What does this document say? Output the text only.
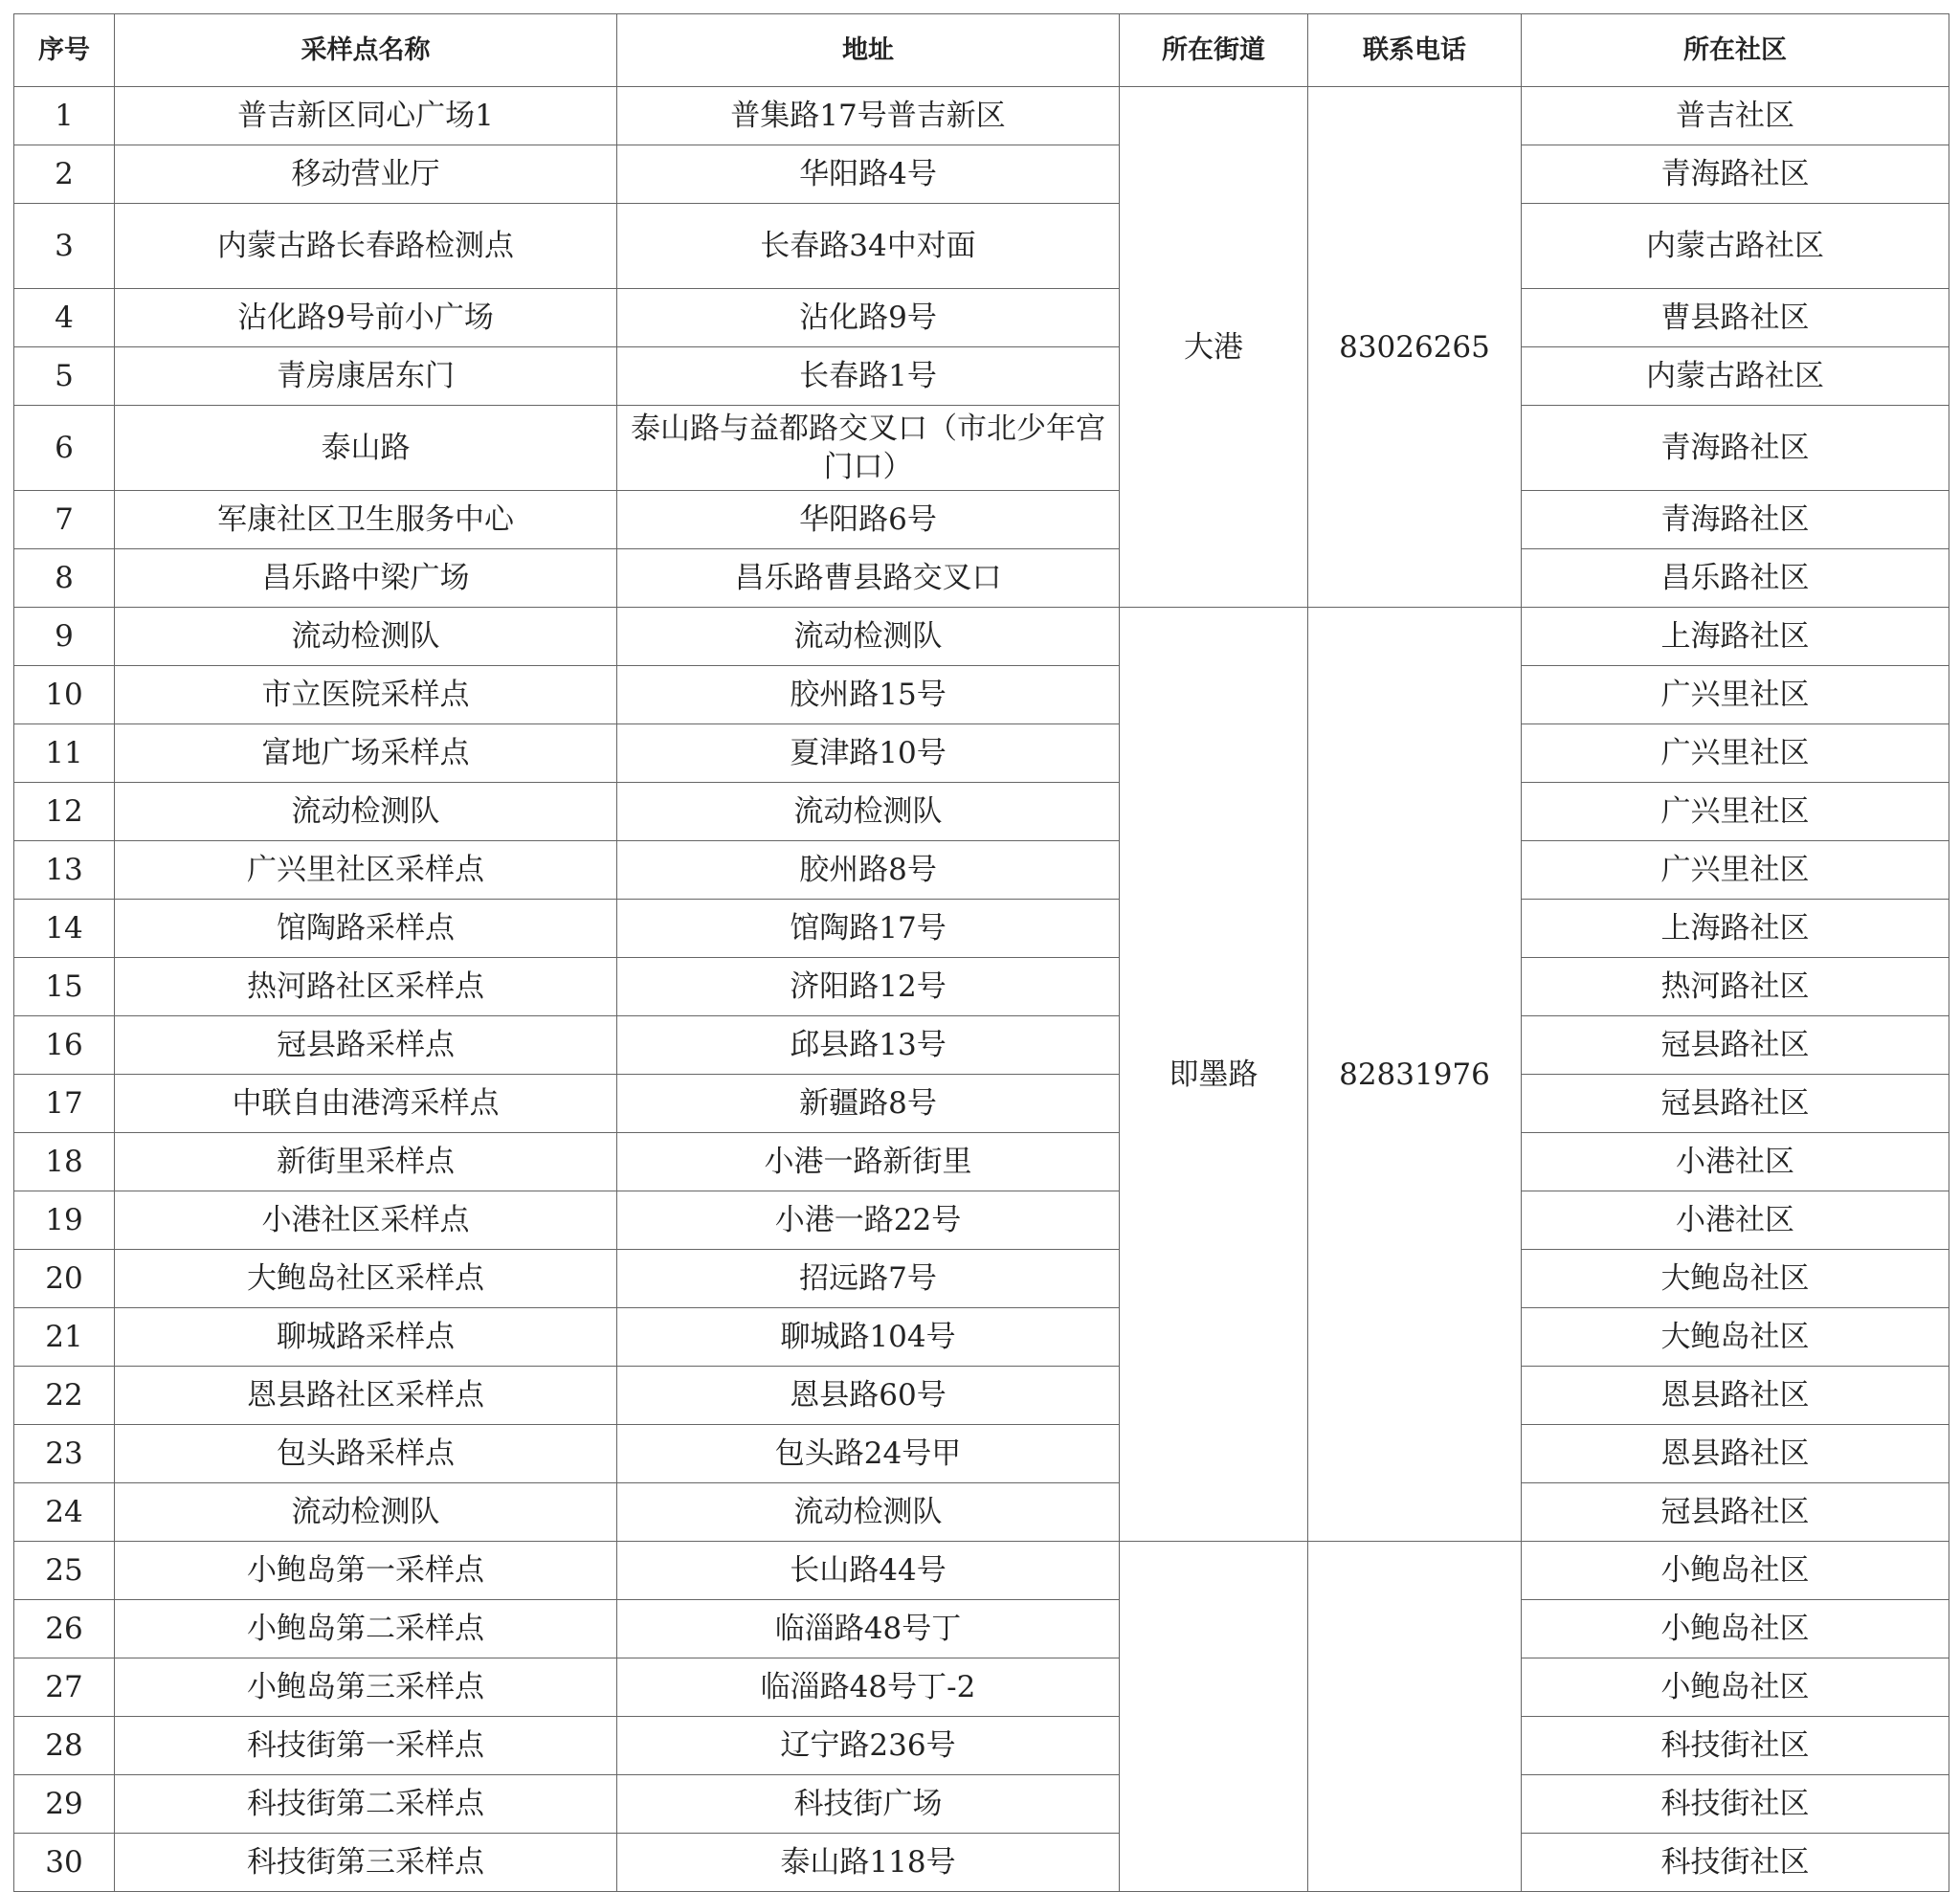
序号	采样点名称	地址	所在街道	联系电话	所在社区
1	普吉新区同心广场1	普集路17号普吉新区	大港	83026265	普吉社区
2	移动营业厅	华阳路4号			青海路社区
3	内蒙古路长春路检测点	长春路34中对面			内蒙古路社区
4	沾化路9号前小广场	沾化路9号			曹县路社区
5	青房康居东门	长春路1号			内蒙古路社区
6	泰山路	泰山路与益都路交叉口（市北少年宫门口）			青海路社区
7	军康社区卫生服务中心	华阳路6号			青海路社区
8	昌乐路中梁广场	昌乐路曹县路交叉口			昌乐路社区
9	流动检测队	流动检测队	即墨路	82831976	上海路社区
10	市立医院采样点	胶州路15号			广兴里社区
11	富地广场采样点	夏津路10号			广兴里社区
12	流动检测队	流动检测队			广兴里社区
13	广兴里社区采样点	胶州路8号			广兴里社区
14	馆陶路采样点	馆陶路17号			上海路社区
15	热河路社区采样点	济阳路12号			热河路社区
16	冠县路采样点	邱县路13号			冠县路社区
17	中联自由港湾采样点	新疆路8号			冠县路社区
18	新街里采样点	小港一路新街里			小港社区
19	小港社区采样点	小港一路22号			小港社区
20	大鲍岛社区采样点	招远路7号			大鲍岛社区
21	聊城路采样点	聊城路104号			大鲍岛社区
22	恩县路社区采样点	恩县路60号			恩县路社区
23	包头路采样点	包头路24号甲			恩县路社区
24	流动检测队	流动检测队			冠县路社区
25	小鲍岛第一采样点	长山路44号			小鲍岛社区
26	小鲍岛第二采样点	临淄路48号丁			小鲍岛社区
27	小鲍岛第三采样点	临淄路48号丁-2			小鲍岛社区
28	科技街第一采样点	辽宁路236号			科技街社区
29	科技街第二采样点	科技街广场			科技街社区
30	科技街第三采样点	泰山路118号			科技街社区
